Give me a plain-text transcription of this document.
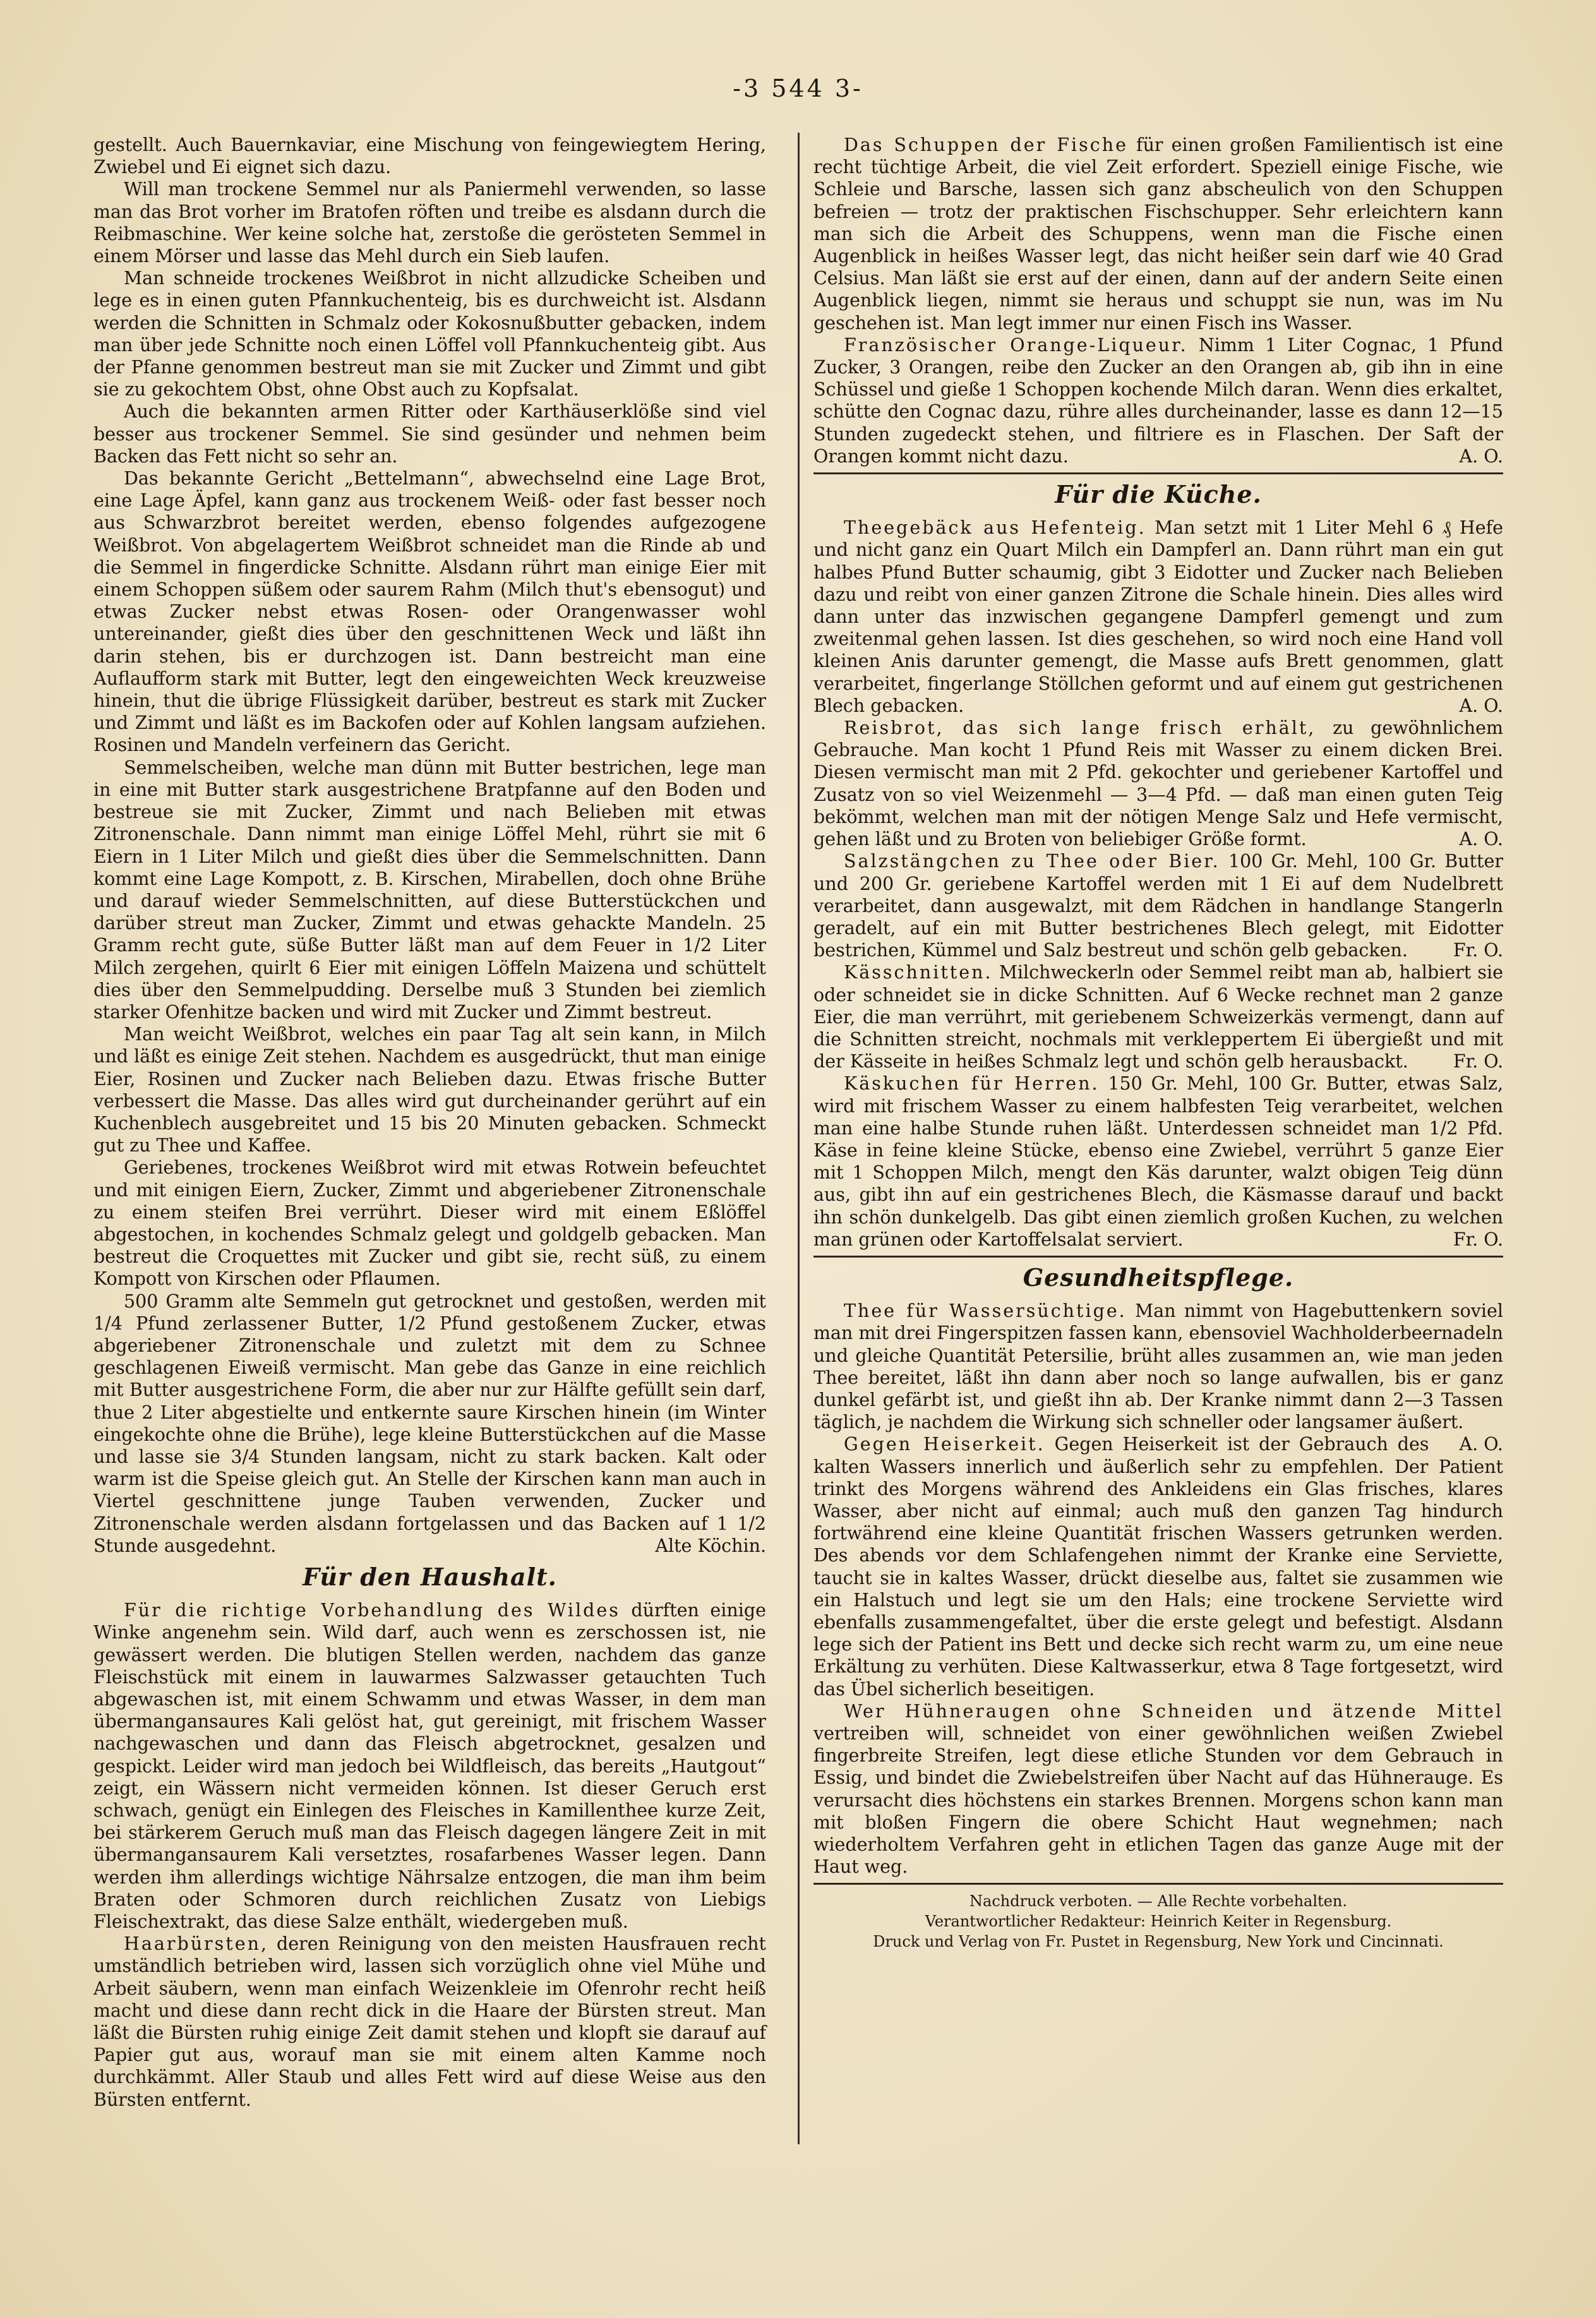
-3 544 3-

gestellt. Auch Bauernkaviar, eine Mischung von feingewiegtem Hering, Zwiebel und Ei eignet sich dazu.

Will man trockene Semmel nur als Paniermehl verwenden, so lasse man das Brot vorher im Bratofen röften und treibe es alsdann durch die Reibmaschine. Wer keine solche hat, zerstoße die gerösteten Semmel in einem Mörser und lasse das Mehl durch ein Sieb laufen.

Man schneide trockenes Weißbrot in nicht allzudicke Scheiben und lege es in einen guten Pfannkuchenteig, bis es durchweicht ist. Alsdann werden die Schnitten in Schmalz oder Kokosnußbutter gebacken, indem man über jede Schnitte noch einen Löffel voll Pfannkuchenteig gibt. Aus der Pfanne genommen bestreut man sie mit Zucker und Zimmt und gibt sie zu gekochtem Obst, ohne Obst auch zu Kopfsalat.

Auch die bekannten armen Ritter oder Karthäuserklöße sind viel besser aus trockener Semmel. Sie sind gesünder und nehmen beim Backen das Fett nicht so sehr an.

Das bekannte Gericht „Bettelmann“, abwechselnd eine Lage Brot, eine Lage Äpfel, kann ganz aus trockenem Weiß- oder fast besser noch aus Schwarzbrot bereitet werden, ebenso folgendes aufgezogene Weißbrot. Von abgelagertem Weißbrot schneidet man die Rinde ab und die Semmel in fingerdicke Schnitte. Alsdann rührt man einige Eier mit einem Schoppen süßem oder saurem Rahm (Milch thut's ebensogut) und etwas Zucker nebst etwas Rosen- oder Orangenwasser wohl untereinander, gießt dies über den geschnittenen Weck und läßt ihn darin stehen, bis er durchzogen ist. Dann bestreicht man eine Auflaufform stark mit Butter, legt den eingeweichten Weck kreuzweise hinein, thut die übrige Flüssigkeit darüber, bestreut es stark mit Zucker und Zimmt und läßt es im Backofen oder auf Kohlen langsam aufziehen. Rosinen und Mandeln verfeinern das Gericht.

Semmelscheiben, welche man dünn mit Butter bestrichen, lege man in eine mit Butter stark ausgestrichene Bratpfanne auf den Boden und bestreue sie mit Zucker, Zimmt und nach Belieben mit etwas Zitronenschale. Dann nimmt man einige Löffel Mehl, rührt sie mit 6 Eiern in 1 Liter Milch und gießt dies über die Semmelschnitten. Dann kommt eine Lage Kompott, z. B. Kirschen, Mirabellen, doch ohne Brühe und darauf wieder Semmelschnitten, auf diese Butterstückchen und darüber streut man Zucker, Zimmt und etwas gehackte Mandeln. 25 Gramm recht gute, süße Butter läßt man auf dem Feuer in 1/2 Liter Milch zergehen, quirlt 6 Eier mit einigen Löffeln Maizena und schüttelt dies über den Semmelpudding. Derselbe muß 3 Stunden bei ziemlich starker Ofenhitze backen und wird mit Zucker und Zimmt bestreut.

Man weicht Weißbrot, welches ein paar Tag alt sein kann, in Milch und läßt es einige Zeit stehen. Nachdem es ausgedrückt, thut man einige Eier, Rosinen und Zucker nach Belieben dazu. Etwas frische Butter verbessert die Masse. Das alles wird gut durcheinander gerührt auf ein Kuchenblech ausgebreitet und 15 bis 20 Minuten gebacken. Schmeckt gut zu Thee und Kaffee.

Geriebenes, trockenes Weißbrot wird mit etwas Rotwein befeuchtet und mit einigen Eiern, Zucker, Zimmt und abgeriebener Zitronenschale zu einem steifen Brei verrührt. Dieser wird mit einem Eßlöffel abgestochen, in kochendes Schmalz gelegt und goldgelb gebacken. Man bestreut die Croquettes mit Zucker und gibt sie, recht süß, zu einem Kompott von Kirschen oder Pflaumen.

500 Gramm alte Semmeln gut getrocknet und gestoßen, werden mit 1/4 Pfund zerlassener Butter, 1/2 Pfund gestoßenem Zucker, etwas abgeriebener Zitronenschale und zuletzt mit dem zu Schnee geschlagenen Eiweiß vermischt. Man gebe das Ganze in eine reichlich mit Butter ausgestrichene Form, die aber nur zur Hälfte gefüllt sein darf, thue 2 Liter abgestielte und entkernte saure Kirschen hinein (im Winter eingekochte ohne die Brühe), lege kleine Butterstückchen auf die Masse und lasse sie 3/4 Stunden langsam, nicht zu stark backen. Kalt oder warm ist die Speise gleich gut. An Stelle der Kirschen kann man auch in Viertel geschnittene junge Tauben verwenden, Zucker und Zitronenschale werden alsdann fortgelassen und das Backen auf 1 1/2 Stunde ausgedehnt.	Alte Köchin.

Für den Haushalt.

Für die richtige Vorbehandlung des Wildes dürften einige Winke angenehm sein. Wild darf, auch wenn es zerschossen ist, nie gewässert werden. Die blutigen Stellen werden, nachdem das ganze Fleischstück mit einem in lauwarmes Salzwasser getauchten Tuch abgewaschen ist, mit einem Schwamm und etwas Wasser, in dem man übermangansaures Kali gelöst hat, gut gereinigt, mit frischem Wasser nachgewaschen und dann das Fleisch abgetrocknet, gesalzen und gespickt. Leider wird man jedoch bei Wildfleisch, das bereits „Hautgout“ zeigt, ein Wässern nicht vermeiden können. Ist dieser Geruch erst schwach, genügt ein Einlegen des Fleisches in Kamillenthee kurze Zeit, bei stärkerem Geruch muß man das Fleisch dagegen längere Zeit in mit übermangansaurem Kali versetztes, rosafarbenes Wasser legen. Dann werden ihm allerdings wichtige Nährsalze entzogen, die man ihm beim Braten oder Schmoren durch reichlichen Zusatz von Liebigs Fleischextrakt, das diese Salze enthält, wiedergeben muß.

Haarbürsten, deren Reinigung von den meisten Hausfrauen recht umständlich betrieben wird, lassen sich vorzüglich ohne viel Mühe und Arbeit säubern, wenn man einfach Weizenkleie im Ofenrohr recht heiß macht und diese dann recht dick in die Haare der Bürsten streut. Man läßt die Bürsten ruhig einige Zeit damit stehen und klopft sie darauf auf Papier gut aus, worauf man sie mit einem alten Kamme noch durchkämmt. Aller Staub und alles Fett wird auf diese Weise aus den Bürsten entfernt.

Das Schuppen der Fische für einen großen Familientisch ist eine recht tüchtige Arbeit, die viel Zeit erfordert. Speziell einige Fische, wie Schleie und Barsche, lassen sich ganz abscheulich von den Schuppen befreien — trotz der praktischen Fischschupper. Sehr erleichtern kann man sich die Arbeit des Schuppens, wenn man die Fische einen Augenblick in heißes Wasser legt, das nicht heißer sein darf wie 40 Grad Celsius. Man läßt sie erst auf der einen, dann auf der andern Seite einen Augenblick liegen, nimmt sie heraus und schuppt sie nun, was im Nu geschehen ist. Man legt immer nur einen Fisch ins Wasser.

Französischer Orange-Liqueur. Nimm 1 Liter Cognac, 1 Pfund Zucker, 3 Orangen, reibe den Zucker an den Orangen ab, gib ihn in eine Schüssel und gieße 1 Schoppen kochende Milch daran. Wenn dies erkaltet, schütte den Cognac dazu, rühre alles durcheinander, lasse es dann 12—15 Stunden zugedeckt stehen, und filtriere es in Flaschen. Der Saft der Orangen kommt nicht dazu.	A. O.

Für die Küche.

Theegebäck aus Hefenteig. Man setzt mit 1 Liter Mehl 6 ₰ Hefe und nicht ganz ein Quart Milch ein Dampferl an. Dann rührt man ein gut halbes Pfund Butter schaumig, gibt 3 Eidotter und Zucker nach Belieben dazu und reibt von einer ganzen Zitrone die Schale hinein. Dies alles wird dann unter das inzwischen gegangene Dampferl gemengt und zum zweitenmal gehen lassen. Ist dies geschehen, so wird noch eine Hand voll kleinen Anis darunter gemengt, die Masse aufs Brett genommen, glatt verarbeitet, fingerlange Stöllchen geformt und auf einem gut gestrichenen Blech gebacken.	A. O.

Reisbrot, das sich lange frisch erhält, zu gewöhnlichem Gebrauche. Man kocht 1 Pfund Reis mit Wasser zu einem dicken Brei. Diesen vermischt man mit 2 Pfd. gekochter und geriebener Kartoffel und Zusatz von so viel Weizenmehl — 3—4 Pfd. — daß man einen guten Teig bekömmt, welchen man mit der nötigen Menge Salz und Hefe vermischt, gehen läßt und zu Broten von beliebiger Größe formt.	A. O.

Salzstängchen zu Thee oder Bier. 100 Gr. Mehl, 100 Gr. Butter und 200 Gr. geriebene Kartoffel werden mit 1 Ei auf dem Nudelbrett verarbeitet, dann ausgewalzt, mit dem Rädchen in handlange Stangerln geradelt, auf ein mit Butter bestrichenes Blech gelegt, mit Eidotter bestrichen, Kümmel und Salz bestreut und schön gelb gebacken.	Fr. O.

Kässchnitten. Milchweckerln oder Semmel reibt man ab, halbiert sie oder schneidet sie in dicke Schnitten. Auf 6 Wecke rechnet man 2 ganze Eier, die man verrührt, mit geriebenem Schweizerkäs vermengt, dann auf die Schnitten streicht, nochmals mit verkleppertem Ei übergießt und mit der Kässeite in heißes Schmalz legt und schön gelb herausbackt.	Fr. O.

Käskuchen für Herren. 150 Gr. Mehl, 100 Gr. Butter, etwas Salz, wird mit frischem Wasser zu einem halbfesten Teig verarbeitet, welchen man eine halbe Stunde ruhen läßt. Unterdessen schneidet man 1/2 Pfd. Käse in feine kleine Stücke, ebenso eine Zwiebel, verrührt 5 ganze Eier mit 1 Schoppen Milch, mengt den Käs darunter, walzt obigen Teig dünn aus, gibt ihn auf ein gestrichenes Blech, die Käsmasse darauf und backt ihn schön dunkelgelb. Das gibt einen ziemlich großen Kuchen, zu welchen man grünen oder Kartoffelsalat serviert.	Fr. O.

Gesundheitspflege.

Thee für Wassersüchtige. Man nimmt von Hagebuttenkern soviel man mit drei Fingerspitzen fassen kann, ebensoviel Wachholderbeernadeln und gleiche Quantität Petersilie, brüht alles zusammen an, wie man jeden Thee bereitet, läßt ihn dann aber noch so lange aufwallen, bis er ganz dunkel gefärbt ist, und gießt ihn ab. Der Kranke nimmt dann 2—3 Tassen täglich, je nachdem die Wirkung sich schneller oder langsamer äußert.
A. O.

Gegen Heiserkeit. Gegen Heiserkeit ist der Gebrauch des kalten Wassers innerlich und äußerlich sehr zu empfehlen. Der Patient trinkt des Morgens während des Ankleidens ein Glas frisches, klares Wasser, aber nicht auf einmal; auch muß den ganzen Tag hindurch fortwährend eine kleine Quantität frischen Wassers getrunken werden. Des abends vor dem Schlafengehen nimmt der Kranke eine Serviette, taucht sie in kaltes Wasser, drückt dieselbe aus, faltet sie zusammen wie ein Halstuch und legt sie um den Hals; eine trockene Serviette wird ebenfalls zusammengefaltet, über die erste gelegt und befestigt. Alsdann lege sich der Patient ins Bett und decke sich recht warm zu, um eine neue Erkältung zu verhüten. Diese Kaltwasserkur, etwa 8 Tage fortgesetzt, wird das Übel sicherlich beseitigen.

Wer Hühneraugen ohne Schneiden und ätzende Mittel vertreiben will, schneidet von einer gewöhnlichen weißen Zwiebel fingerbreite Streifen, legt diese etliche Stunden vor dem Gebrauch in Essig, und bindet die Zwiebelstreifen über Nacht auf das Hühnerauge. Es verursacht dies höchstens ein starkes Brennen. Morgens schon kann man mit bloßen Fingern die obere Schicht Haut wegnehmen; nach wiederholtem Verfahren geht in etlichen Tagen das ganze Auge mit der Haut weg.

Nachdruck verboten. — Alle Rechte vorbehalten.
Verantwortlicher Redakteur: Heinrich Keiter in Regensburg.
Druck und Verlag von Fr. Pustet in Regensburg, New York und Cincinnati.
